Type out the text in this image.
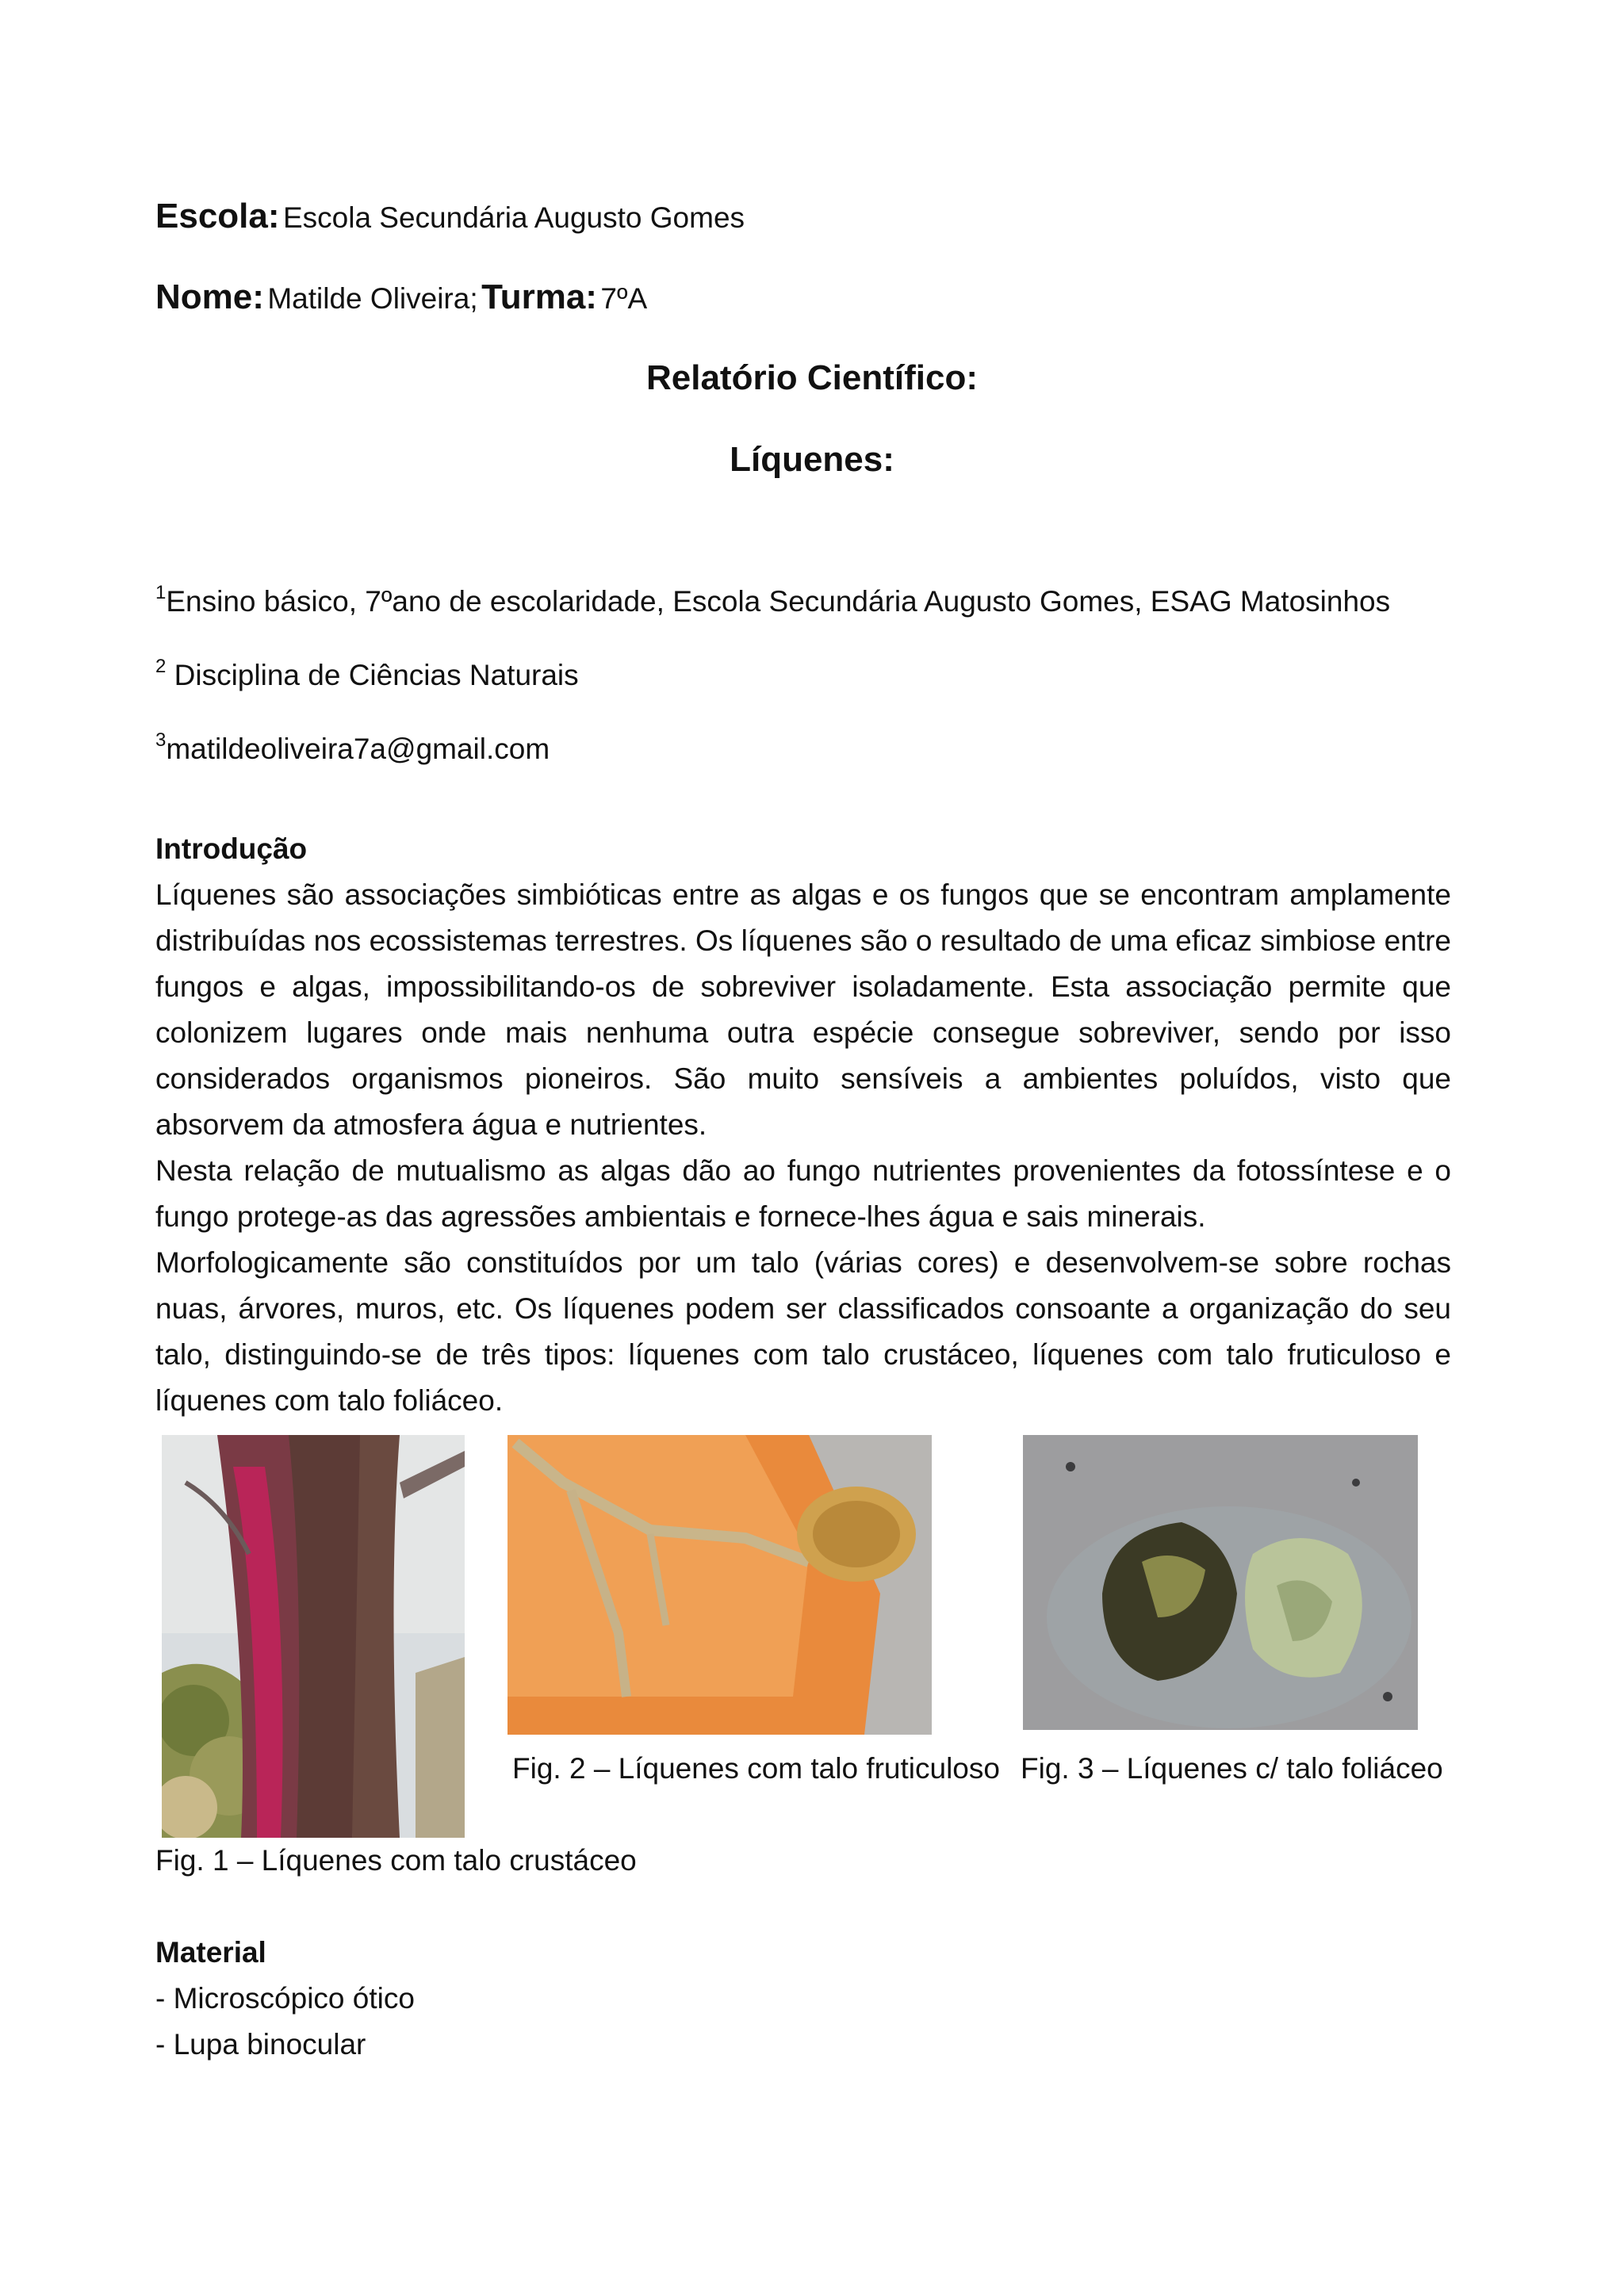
Escola: Escola Secundária Augusto Gomes
Nome: Matilde Oliveira; Turma: 7ºA
Relatório Científico:
Líquenes:
$^1$Ensino básico, 7ºano de escolaridade, Escola Secundária Augusto Gomes, ESAG Matosinhos
$^2$ Disciplina de Ciências Naturais
$^3$matildeoliveira7a@gmail.com
Introdução

Líquenes são associações simbióticas entre as algas e os fungos que se encontram amplamente distribuídas nos ecossistemas terrestres. Os líquenes são o resultado de uma eficaz simbiose entre fungos e algas, impossibilitando-os de sobreviver isoladamente. Esta associação permite que colonizem lugares onde mais nenhuma outra espécie consegue sobreviver, sendo por isso considerados organismos pioneiros. São muito sensíveis a ambientes poluídos, visto que absorvem da atmosfera água e nutrientes.

Nesta relação de mutualismo as algas dão ao fungo nutrientes provenientes da fotossíntese e o fungo protege-as das agressões ambientais e fornece-lhes água e sais minerais.

Morfologicamente são constituídos por um talo (várias cores) e desenvolvem-se sobre rochas nuas, árvores, muros, etc. Os líquenes podem ser classificados consoante a organização do seu talo, distinguindo-se de três tipos: líquenes com talo crustáceo, líquenes com talo fruticuloso e líquenes com talo foliáceo.

Fig. 2 – Líquenes com talo fruticuloso Fig. 3 – Líquenes c/ talo foliáceo
Fig. 1 – Líquenes com talo crustáceo
Material
- Microscópico ótico
- Lupa binocular
